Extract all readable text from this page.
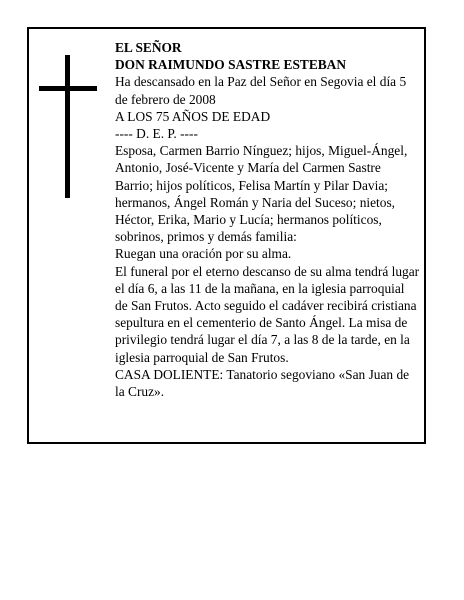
EL SEÑOR

DON RAIMUNDO SASTRE ESTEBAN

Ha descansado en la Paz del Señor en Segovia el día 5 de febrero de 2008

A LOS 75 AÑOS DE EDAD

---- D. E. P. ----

Esposa, Carmen Barrio Nínguez; hijos, Miguel-Ángel, Antonio, José-Vicente y María del Carmen Sastre Barrio; hijos políticos, Felisa Martín y Pilar Davia; hermanos, Ángel Román y Naria del Suceso; nietos, Héctor, Erika, Mario y Lucía; hermanos políticos, sobrinos, primos y demás familia:

Ruegan una oración por su alma.

El funeral por el eterno descanso de su alma tendrá lugar el día 6, a las 11 de la mañana, en la iglesia parroquial de San Frutos. Acto seguido el cadáver recibirá cristiana sepultura en el cementerio de Santo Ángel. La misa de privilegio tendrá lugar el día 7, a las 8 de la tarde, en la iglesia parroquial de San Frutos.

CASA DOLIENTE: Tanatorio segoviano «San Juan de la Cruz».
